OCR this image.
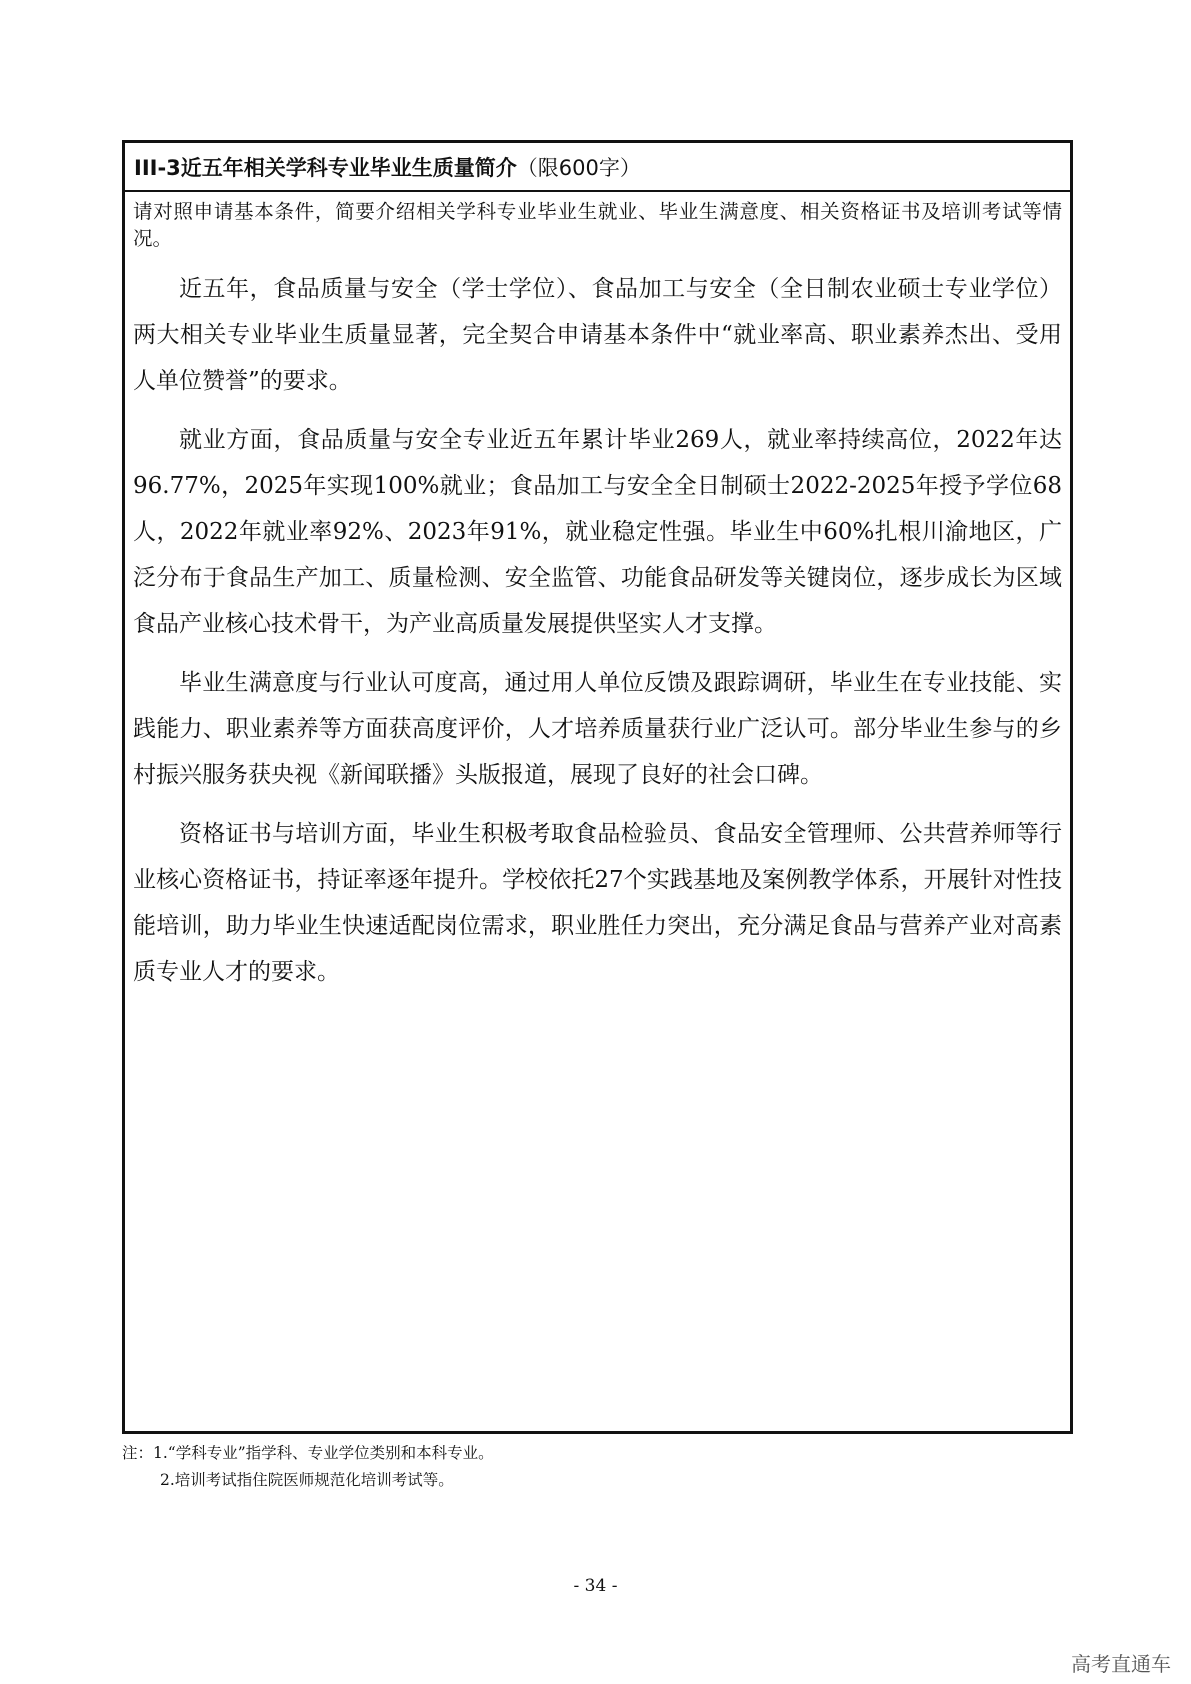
III-3近五年相关学科专业毕业生质量简介（限600字）
请对照申请基本条件，简要介绍相关学科专业毕业生就业、毕业生满意度、相关资格证书及培训考试等情况。

近五年，食品质量与安全（学士学位）、食品加工与安全（全日制农业硕士专业学位）两大相关专业毕业生质量显著，完全契合申请基本条件中“就业率高、职业素养杰出、受用人单位赞誉”的要求。

就业方面，食品质量与安全专业近五年累计毕业269人，就业率持续高位，2022年达96.77%，2025年实现100%就业；食品加工与安全全日制硕士2022-2025年授予学位68人，2022年就业率92%、2023年91%，就业稳定性强。毕业生中60%扎根川渝地区，广泛分布于食品生产加工、质量检测、安全监管、功能食品研发等关键岗位，逐步成长为区域食品产业核心技术骨干，为产业高质量发展提供坚实人才支撑。

毕业生满意度与行业认可度高，通过用人单位反馈及跟踪调研，毕业生在专业技能、实践能力、职业素养等方面获高度评价，人才培养质量获行业广泛认可。部分毕业生参与的乡村振兴服务获央视《新闻联播》头版报道，展现了良好的社会口碑。

资格证书与培训方面，毕业生积极考取食品检验员、食品安全管理师、公共营养师等行业核心资格证书，持证率逐年提升。学校依托27个实践基地及案例教学体系，开展针对性技能培训，助力毕业生快速适配岗位需求，职业胜任力突出，充分满足食品与营养产业对高素质专业人才的要求。

注：1.“学科专业”指学科、专业学位类别和本科专业。
2.培训考试指住院医师规范化培训考试等。
- 34 -
高考直通车
